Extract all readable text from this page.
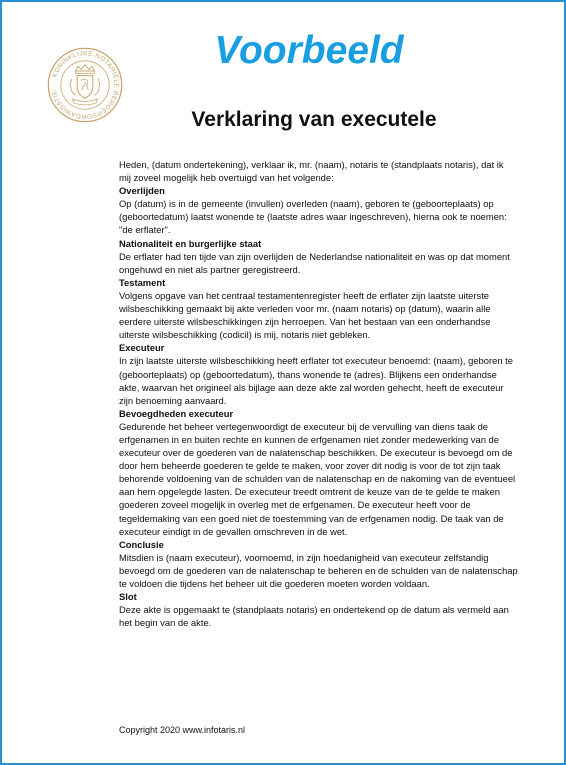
KONINKLIJKE NOTARIËLE BEROEPSORGANISATIE
Voorbeeld
Verklaring van executele

Heden, (datum ondertekening), verklaar ik, mr. (naam), notaris te (standplaats notaris), dat ik mij zoveel mogelijk heb overtuigd van het volgende:

Overlijden

Op (datum) is in de gemeente (invullen) overleden (naam), geboren te (geboorteplaats) op (geboortedatum) laatst wonende te (laatste adres waar ingeschreven), hierna ook te noemen: "de erflater".

Nationaliteit en burgerlijke staat

De erflater had ten tijde van zijn overlijden de Nederlandse nationaliteit en was op dat moment ongehuwd en niet als partner geregistreerd.

Testament

Volgens opgave van het centraal testamentenregister heeft de erflater zijn laatste uiterste wilsbeschikking gemaakt bij akte verleden voor mr. (naam notaris) op (datum), waarin alle eerdere uiterste wilsbeschikkingen zijn herroepen. Van het bestaan van een onderhandse uiterste wilsbeschikking (codicil) is mij, notaris niet gebleken.

Executeur

In zijn laatste uiterste wilsbeschikking heeft erflater tot executeur benoemd: (naam), geboren te (geboorteplaats) op (geboortedatum), thans wonende te (adres). Blijkens een onderhandse akte, waarvan het origineel als bijlage aan deze akte zal worden gehecht, heeft de executeur zijn benoeming aanvaard.

Bevoegdheden executeur

Gedurende het beheer vertegenwoordigt de executeur bij de vervulling van diens taak de erfgenamen in en buiten rechte en kunnen de erfgenamen niet zonder medewerking van de executeur over de goederen van de nalatenschap beschikken. De executeur is bevoegd om de door hem beheerde goederen te gelde te maken, voor zover dit nodig is voor de tot zijn taak behorende voldoening van de schulden van de nalatenschap en de nakoming van de eventueel aan hem opgelegde lasten. De executeur treedt omtrent de keuze van de te gelde te maken goederen zoveel mogelijk in overleg met de erfgenamen. De executeur heeft voor de tegeldemaking van een goed niet de toestemming van de erfgenamen nodig. De taak van de executeur eindigt in de gevallen omschreven in de wet.

Conclusie

Mitsdien is (naam executeur), voornoemd, in zijn hoedanigheid van executeur zelfstandig bevoegd om de goederen van de nalatenschap te beheren en de schulden van de nalatenschap te voldoen die tijdens het beheer uit die goederen moeten worden voldaan.

Slot

Deze akte is opgemaakt te (standplaats notaris) en ondertekend op de datum als vermeld aan het begin van de akte.

Copyright 2020 www.infotaris.nl
